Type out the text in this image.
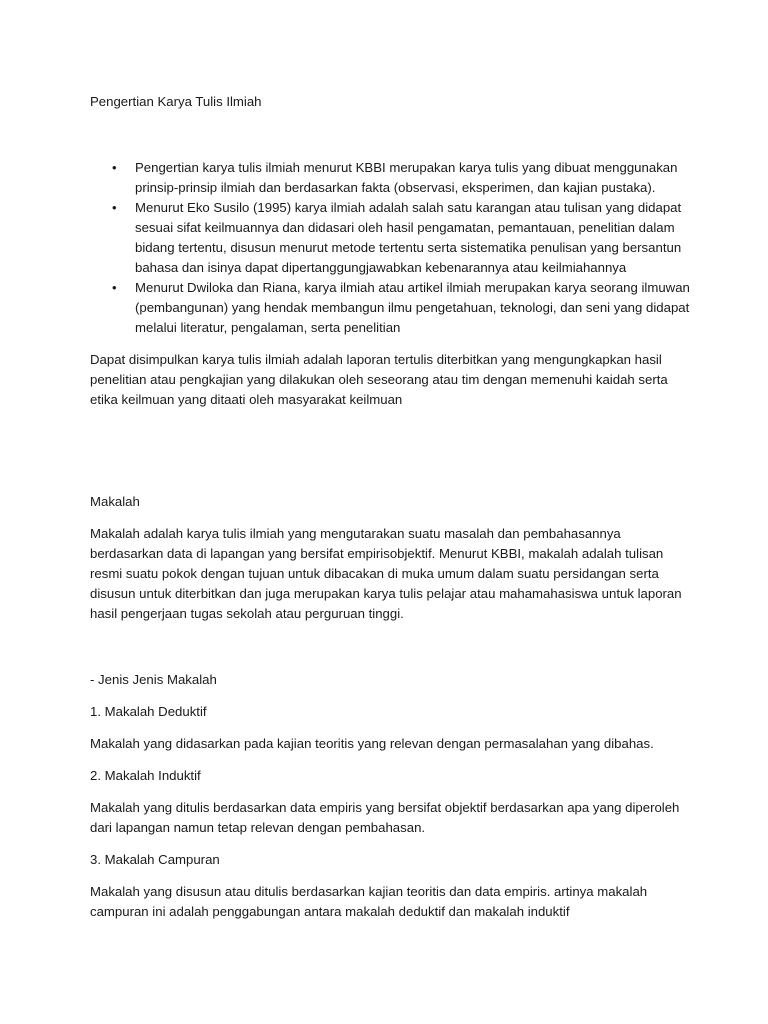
Pengertian Karya Tulis Ilmiah

• Pengertian karya tulis ilmiah menurut KBBI merupakan karya tulis yang dibuat menggunakan prinsip-prinsip ilmiah dan berdasarkan fakta (observasi, eksperimen, dan kajian pustaka).
• Menurut Eko Susilo (1995) karya ilmiah adalah salah satu karangan atau tulisan yang didapat sesuai sifat keilmuannya dan didasari oleh hasil pengamatan, pemantauan, penelitian dalam bidang tertentu, disusun menurut metode tertentu serta sistematika penulisan yang bersantun bahasa dan isinya dapat dipertanggungjawabkan kebenarannya atau keilmiahannya
• Menurut Dwiloka dan Riana, karya ilmiah atau artikel ilmiah merupakan karya seorang ilmuwan (pembangunan) yang hendak membangun ilmu pengetahuan, teknologi, dan seni yang didapat melalui literatur, pengalaman, serta penelitian

Dapat disimpulkan karya tulis ilmiah adalah laporan tertulis diterbitkan yang mengungkapkan hasil penelitian atau pengkajian yang dilakukan oleh seseorang atau tim dengan memenuhi kaidah serta etika keilmuan yang ditaati oleh masyarakat keilmuan

Makalah

Makalah adalah karya tulis ilmiah yang mengutarakan suatu masalah dan pembahasannya berdasarkan data di lapangan yang bersifat empirisobjektif. Menurut KBBI, makalah adalah tulisan resmi suatu pokok dengan tujuan untuk dibacakan di muka umum dalam suatu persidangan serta disusun untuk diterbitkan dan juga merupakan karya tulis pelajar atau mahamahasiswa untuk laporan hasil pengerjaan tugas sekolah atau perguruan tinggi.

- Jenis Jenis Makalah

1. Makalah Deduktif

Makalah yang didasarkan pada kajian teoritis yang relevan dengan permasalahan yang dibahas.

2. Makalah Induktif

Makalah yang ditulis berdasarkan data empiris yang bersifat objektif berdasarkan apa yang diperoleh dari lapangan namun tetap relevan dengan pembahasan.

3. Makalah Campuran

Makalah yang disusun atau ditulis berdasarkan kajian teoritis dan data empiris. artinya makalah campuran ini adalah penggabungan antara makalah deduktif dan makalah induktif
